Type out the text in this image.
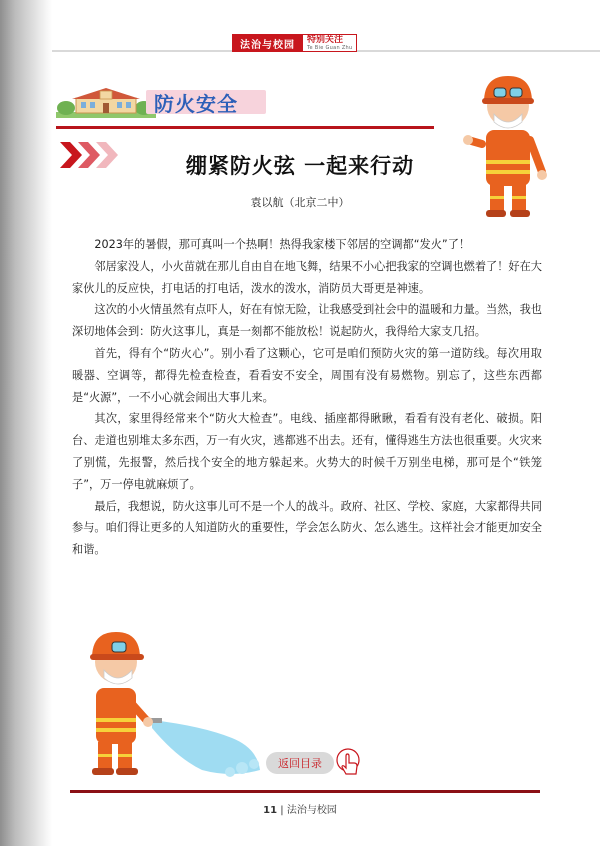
法治与校园	特别关注
Te Bie Guan Zhu
防火安全
绷紧防火弦 一起来行动
袁以航（北京二中）

2023年的暑假，那可真叫一个热啊！热得我家楼下邻居的空调都“发火”了！

邻居家没人，小火苗就在那儿自由自在地飞舞，结果不小心把我家的空调也燃着了！好在大家伙儿的反应快，打电话的打电话，泼水的泼水，消防员大哥更是神速。

这次的小火情虽然有点吓人，好在有惊无险，让我感受到社会中的温暖和力量。当然，我也深切地体会到：防火这事儿，真是一刻都不能放松！说起防火，我得给大家支几招。

首先，得有个“防火心”。别小看了这颗心，它可是咱们预防火灾的第一道防线。每次用取暖器、空调等，都得先检查检查，看看安不安全，周围有没有易燃物。别忘了，这些东西都是“火源”，一不小心就会闹出大事儿来。

其次，家里得经常来个“防火大检查”。电线、插座都得瞅瞅，看看有没有老化、破损。阳台、走道也别堆太多东西，万一有火灾，逃都逃不出去。还有，懂得逃生方法也很重要。火灾来了别慌，先报警，然后找个安全的地方躲起来。火势大的时候千万别坐电梯，那可是个“铁笼子”，万一停电就麻烦了。

最后，我想说，防火这事儿可不是一个人的战斗。政府、社区、学校、家庭，大家都得共同参与。咱们得让更多的人知道防火的重要性，学会怎么防火、怎么逃生。这样社会才能更加安全和谐。

返回目录
11 | 法治与校园
